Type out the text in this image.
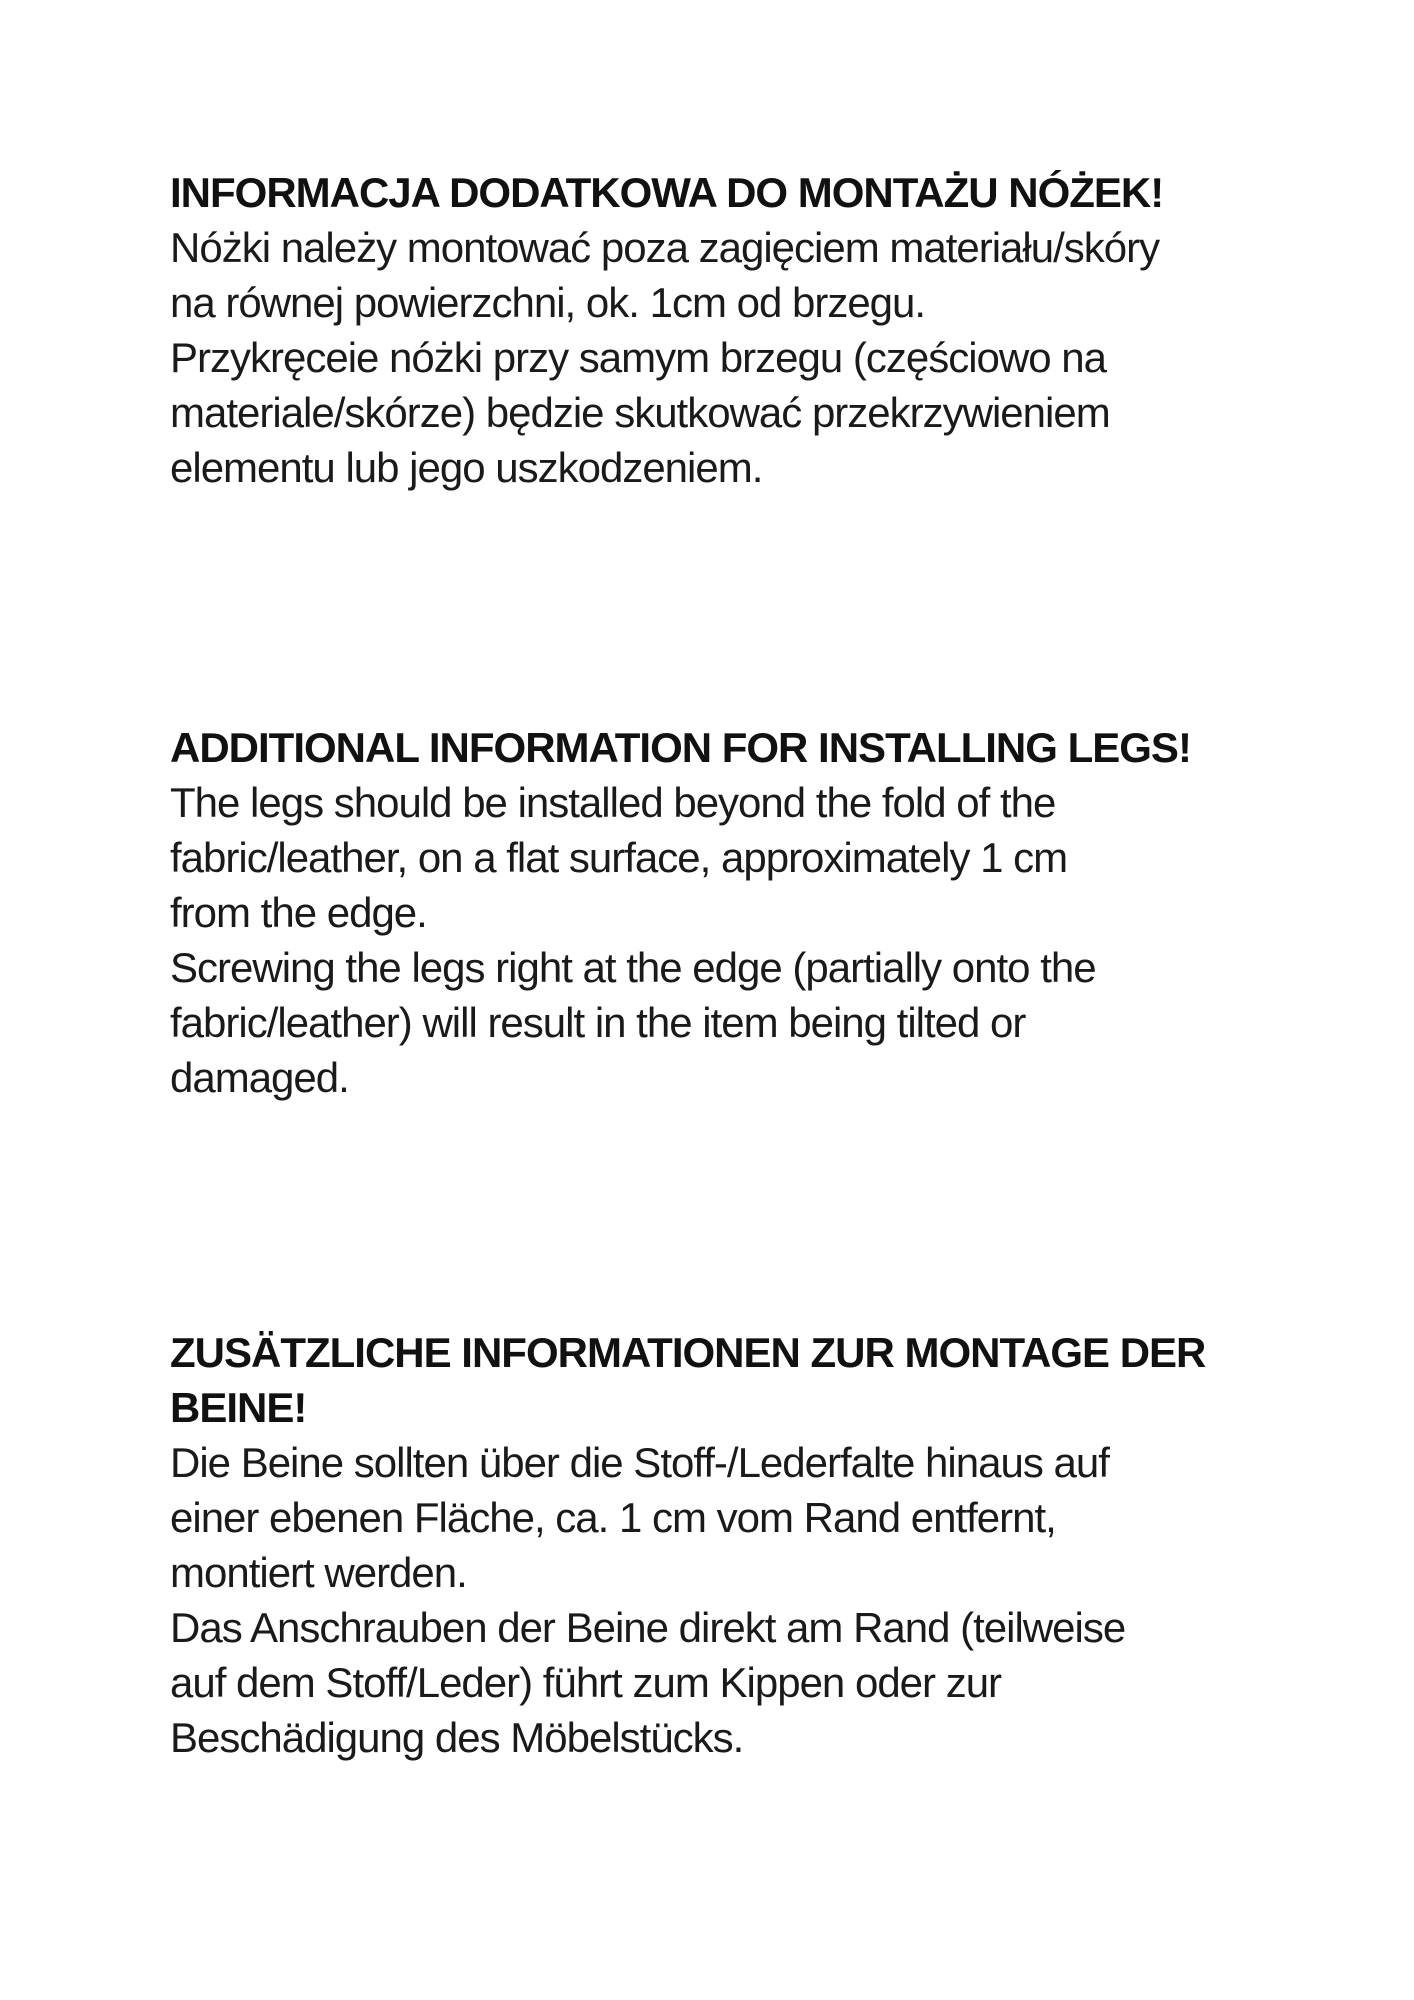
INFORMACJA DODATKOWA DO MONTAŻU NÓŻEK!
Nóżki należy montować poza zagięciem materiału/skóry
na równej powierzchni, ok. 1cm od brzegu.
Przykręceie nóżki przy samym brzegu (częściowo na
materiale/skórze) będzie skutkować przekrzywieniem
elementu lub jego uszkodzeniem.
ADDITIONAL INFORMATION FOR INSTALLING LEGS!
The legs should be installed beyond the fold of the
fabric/leather, on a flat surface, approximately 1 cm
from the edge.
Screwing the legs right at the edge (partially onto the
fabric/leather) will result in the item being tilted or
damaged.
ZUSÄTZLICHE INFORMATIONEN ZUR MONTAGE DER
BEINE!
Die Beine sollten über die Stoff-/Lederfalte hinaus auf
einer ebenen Fläche, ca. 1 cm vom Rand entfernt,
montiert werden.
Das Anschrauben der Beine direkt am Rand (teilweise
auf dem Stoff/Leder) führt zum Kippen oder zur
Beschädigung des Möbelstücks.
